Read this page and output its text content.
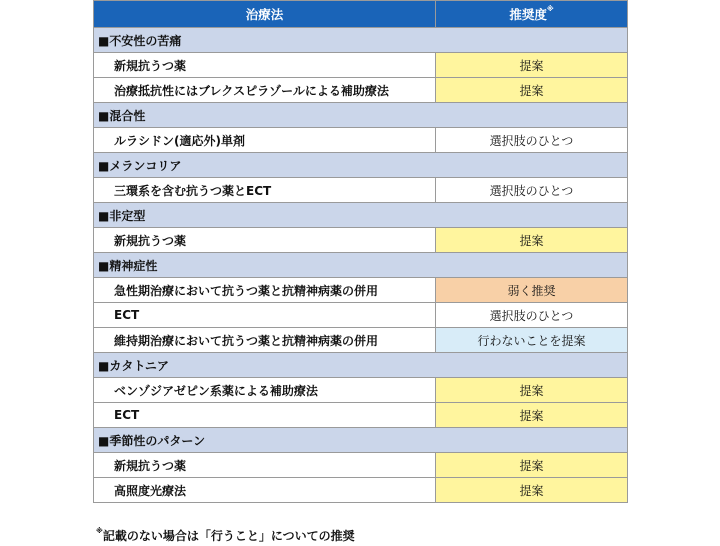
治療法	推奨度※
■不安性の苦痛	
新規抗うつ薬	提案
治療抵抗性にはブレクスピラゾールによる補助療法	提案
■混合性	
ルラシドン(適応外)単剤	選択肢のひとつ
■メランコリア	
三環系を含む抗うつ薬とECT	選択肢のひとつ
■非定型	
新規抗うつ薬	提案
■精神症性	
急性期治療において抗うつ薬と抗精神病薬の併用	弱く推奨
ECT	選択肢のひとつ
維持期治療において抗うつ薬と抗精神病薬の併用	行わないことを提案
■カタトニア	
ベンゾジアゼピン系薬による補助療法	提案
ECT	提案
■季節性のパターン	
新規抗うつ薬	提案
高照度光療法	提案
※記載のない場合は「行うこと」についての推奨
